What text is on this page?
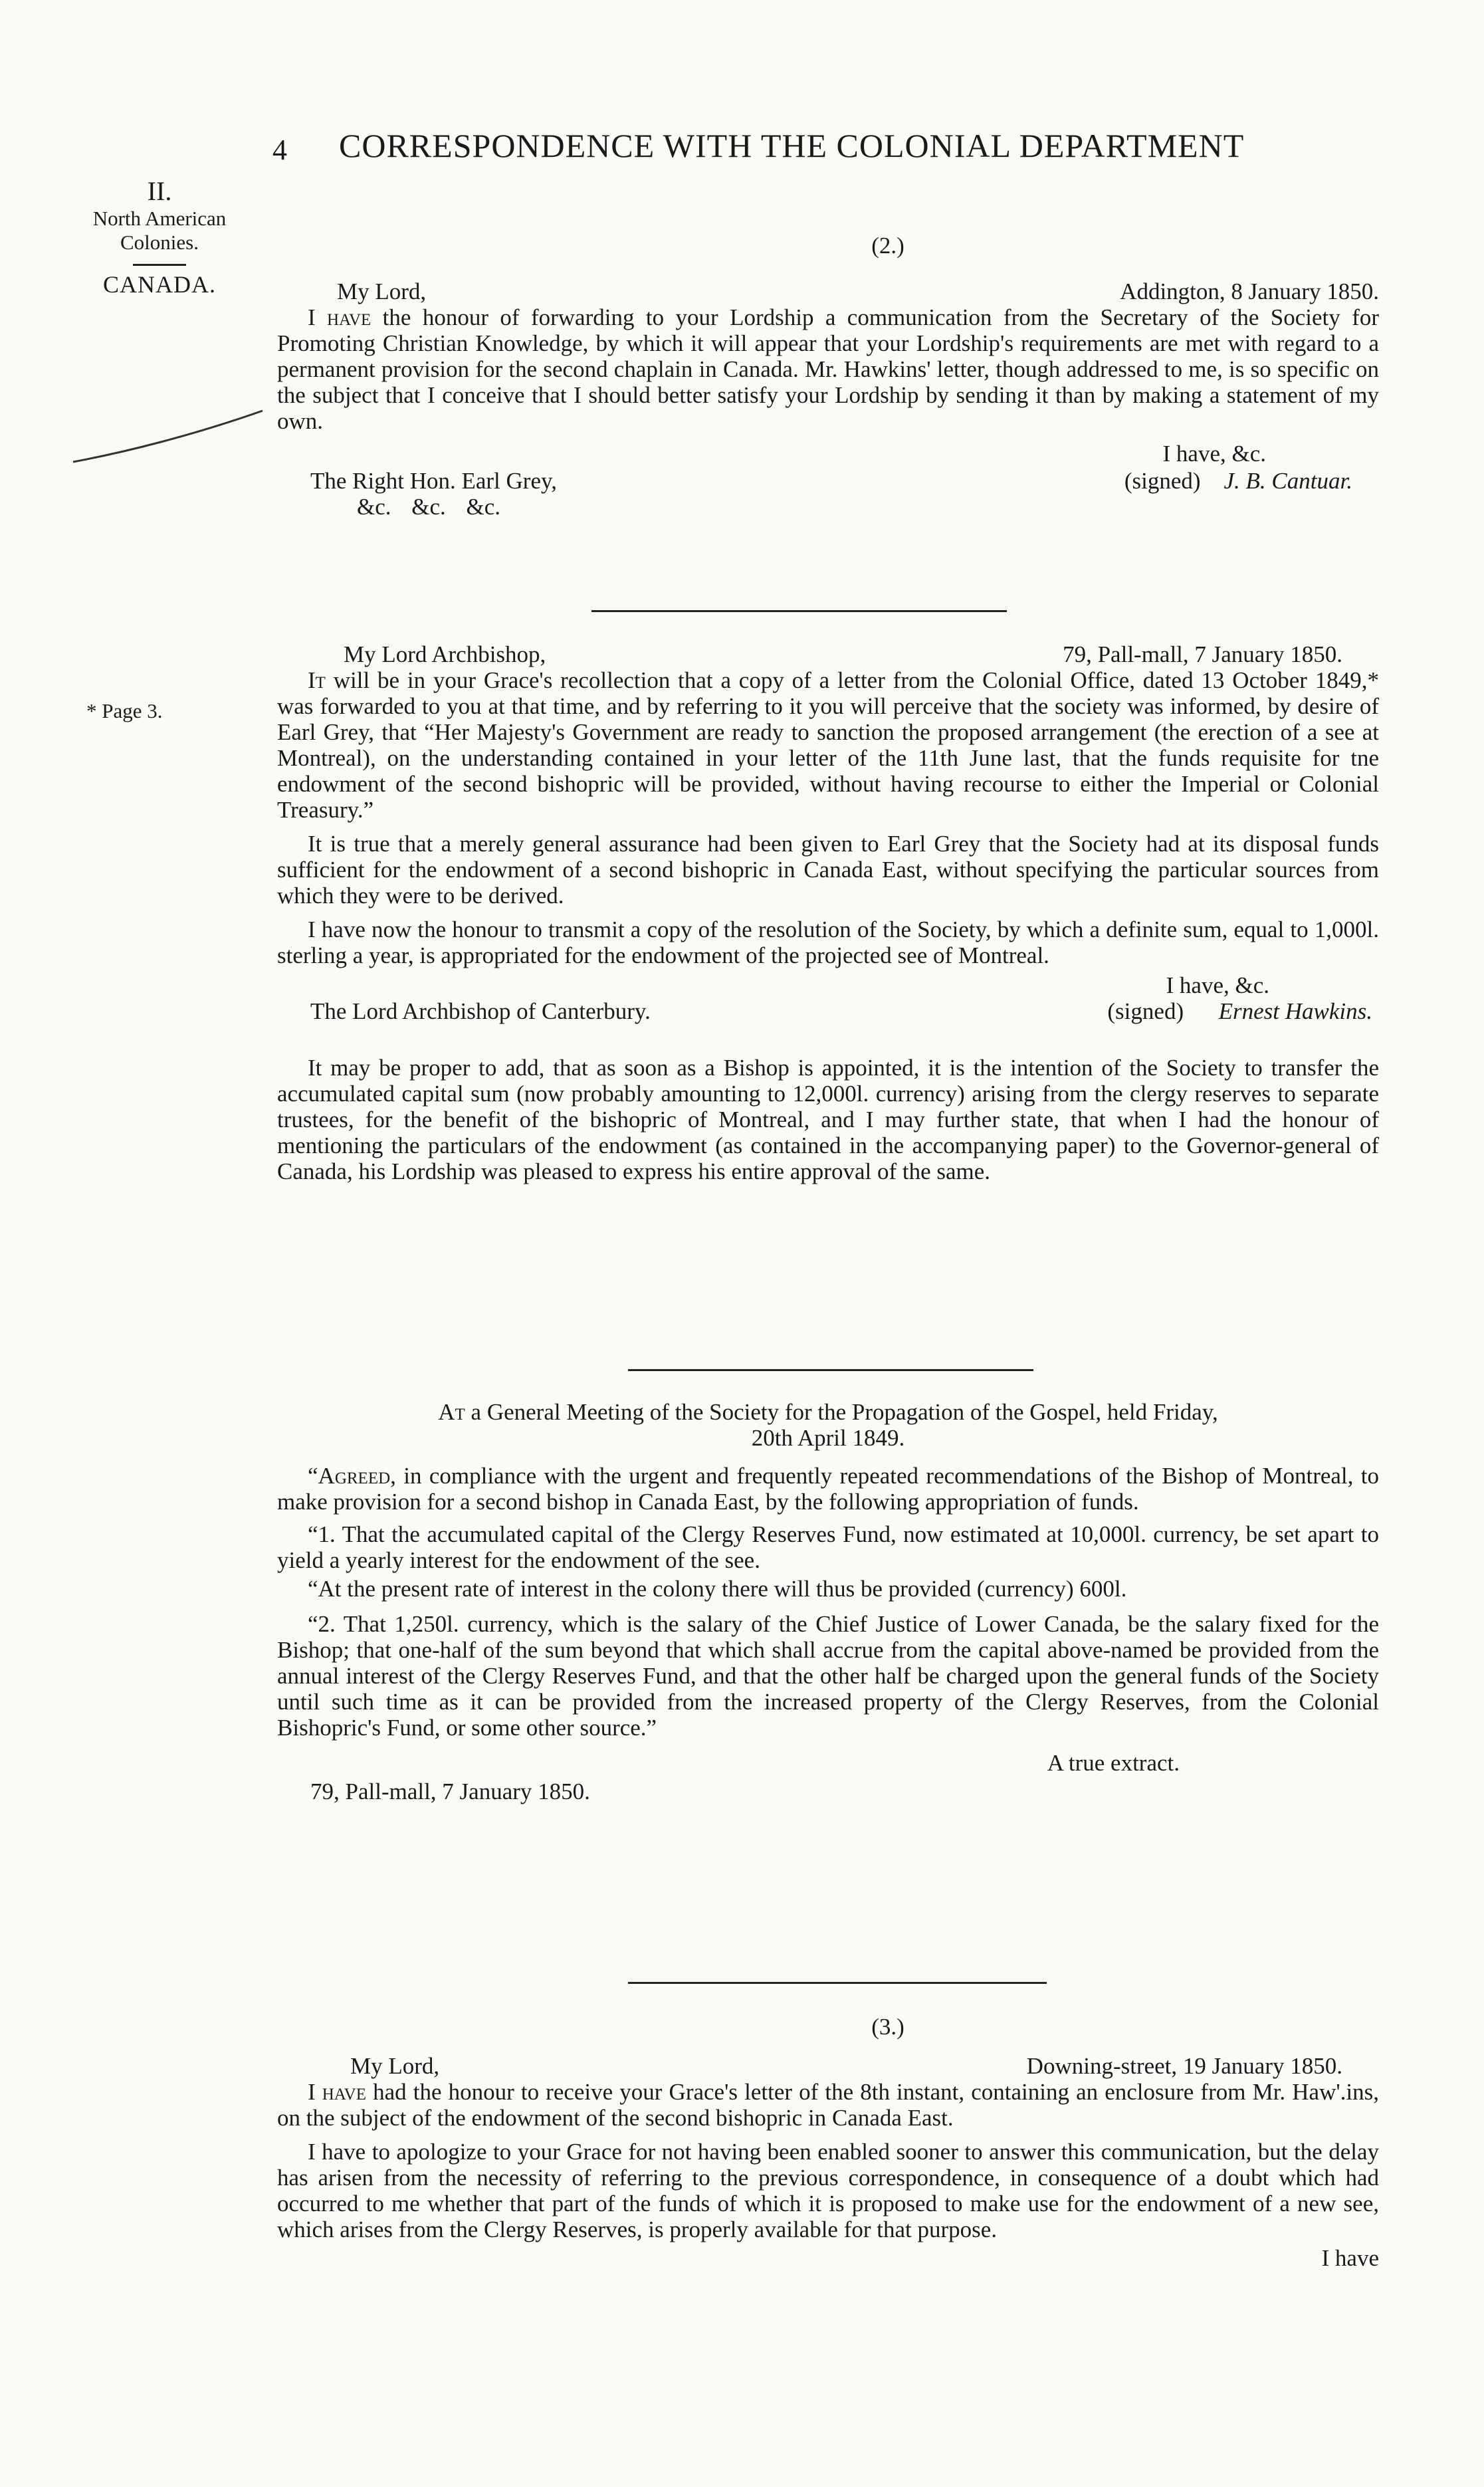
4 CORRESPONDENCE WITH THE COLONIAL DEPARTMENT
II.
North American
Colonies.
CANADA.
* Page 3.
(2.)
My Lord,	Addington, 8 January 1850.

I have the honour of forwarding to your Lordship a communication from the Secretary of the Society for Promoting Christian Knowledge, by which it will appear that your Lordship's requirements are met with regard to a permanent provision for the second chaplain in Canada. Mr. Hawkins' letter, though addressed to me, is so specific on the subject that I conceive that I should better satisfy your Lordship by sending it than by making a statement of my own.

I have, &c.
The Right Hon. Earl Grey,	(signed) J. B. Cantuar.
&c. &c. &c.
My Lord Archbishop,	79, Pall-mall, 7 January 1850.

It will be in your Grace's recollection that a copy of a letter from the Colonial Office, dated 13 October 1849,* was forwarded to you at that time, and by referring to it you will perceive that the society was informed, by desire of Earl Grey, that “Her Majesty's Government are ready to sanction the proposed arrangement (the erection of a see at Montreal), on the understanding contained in your letter of the 11th June last, that the funds requisite for tne endowment of the second bishopric will be provided, without having recourse to either the Imperial or Colonial Treasury.”

It is true that a merely general assurance had been given to Earl Grey that the Society had at its disposal funds sufficient for the endowment of a second bishopric in Canada East, without specifying the particular sources from which they were to be derived.

I have now the honour to transmit a copy of the resolution of the Society, by which a definite sum, equal to 1,000l. sterling a year, is appropriated for the endowment of the projected see of Montreal.

I have, &c.
The Lord Archbishop of Canterbury.	(signed) Ernest Hawkins.

It may be proper to add, that as soon as a Bishop is appointed, it is the intention of the Society to transfer the accumulated capital sum (now probably amounting to 12,000l. currency) arising from the clergy reserves to separate trustees, for the benefit of the bishopric of Montreal, and I may further state, that when I had the honour of mentioning the particulars of the endowment (as contained in the accompanying paper) to the Governor-general of Canada, his Lordship was pleased to express his entire approval of the same.

At a General Meeting of the Society for the Propagation of the Gospel, held Friday,
20th April 1849.

“Agreed, in compliance with the urgent and frequently repeated recommendations of the Bishop of Montreal, to make provision for a second bishop in Canada East, by the following appropriation of funds.

“1. That the accumulated capital of the Clergy Reserves Fund, now estimated at 10,000l. currency, be set apart to yield a yearly interest for the endowment of the see.

“At the present rate of interest in the colony there will thus be provided (currency) 600l.

“2. That 1,250l. currency, which is the salary of the Chief Justice of Lower Canada, be the salary fixed for the Bishop; that one-half of the sum beyond that which shall accrue from the capital above-named be provided from the annual interest of the Clergy Reserves Fund, and that the other half be charged upon the general funds of the Society until such time as it can be provided from the increased property of the Clergy Reserves, from the Colonial Bishopric's Fund, or some other source.”

A true extract.
79, Pall-mall, 7 January 1850.
(3.)
My Lord,	Downing-street, 19 January 1850.

I have had the honour to receive your Grace's letter of the 8th instant, containing an enclosure from Mr. Haw'.ins, on the subject of the endowment of the second bishopric in Canada East.

I have to apologize to your Grace for not having been enabled sooner to answer this communication, but the delay has arisen from the necessity of referring to the previous correspondence, in consequence of a doubt which had occurred to me whether that part of the funds of which it is proposed to make use for the endowment of a new see, which arises from the Clergy Reserves, is properly available for that purpose.

I have
